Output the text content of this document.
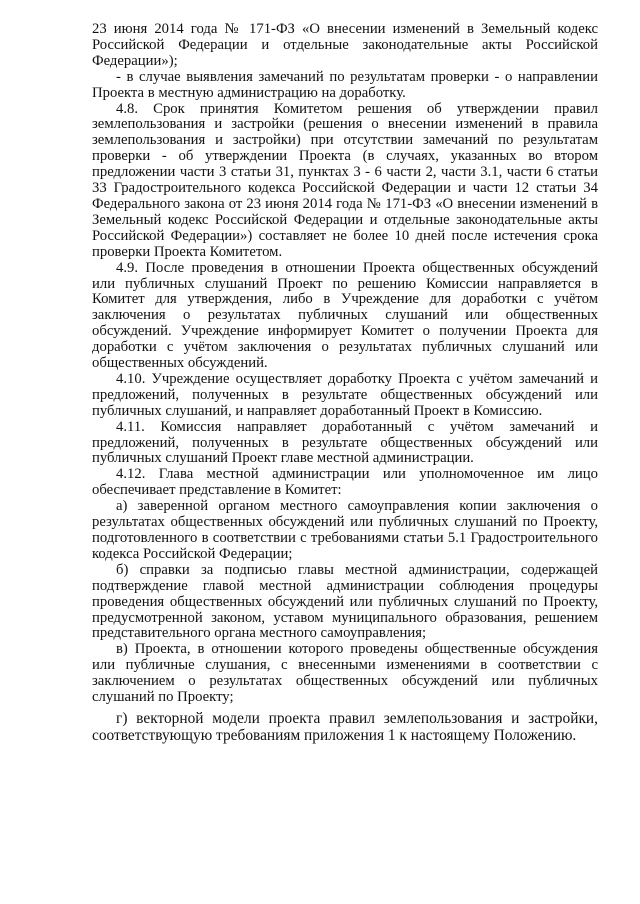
23 июня 2014 года № 171-ФЗ «О внесении изменений в Земельный кодекс Российской Федерации и отдельные законодательные акты Российской Федерации»);

- в случае выявления замечаний по результатам проверки - о направлении Проекта в местную администрацию на доработку.

4.8. Срок принятия Комитетом решения об утверждении правил землепользования и застройки (решения о внесении изменений в правила землепользования и застройки) при отсутствии замечаний по результатам проверки - об утверждении Проекта (в случаях, указанных во втором предложении части 3 статьи 31, пунктах 3 - 6 части 2, части 3.1, части 6 статьи 33 Градостроительного кодекса Российской Федерации и части 12 статьи 34 Федерального закона от 23 июня 2014 года № 171-ФЗ «О внесении изменений в Земельный кодекс Российской Федерации и отдельные законодательные акты Российской Федерации») составляет не более 10 дней после истечения срока проверки Проекта Комитетом.

4.9. После проведения в отношении Проекта общественных обсуждений или публичных слушаний Проект по решению Комиссии направляется в Комитет для утверждения, либо в Учреждение для доработки с учётом заключения о результатах публичных слушаний или общественных обсуждений. Учреждение информирует Комитет о получении Проекта для доработки с учётом заключения о результатах публичных слушаний или общественных обсуждений.

4.10. Учреждение осуществляет доработку Проекта с учётом замечаний и предложений, полученных в результате общественных обсуждений или публичных слушаний, и направляет доработанный Проект в Комиссию.

4.11. Комиссия направляет доработанный с учётом замечаний и предложений, полученных в результате общественных обсуждений или публичных слушаний Проект главе местной администрации.

4.12. Глава местной администрации или уполномоченное им лицо обеспечивает представление в Комитет:

а) заверенной органом местного самоуправления копии заключения о результатах общественных обсуждений или публичных слушаний по Проекту, подготовленного в соответствии с требованиями статьи 5.1 Градостроительного кодекса Российской Федерации;

б) справки за подписью главы местной администрации, содержащей подтверждение главой местной администрации соблюдения процедуры проведения общественных обсуждений или публичных слушаний по Проекту, предусмотренной законом, уставом муниципального образования, решением представительного органа местного самоуправления;

в) Проекта, в отношении которого проведены общественные обсуждения или публичные слушания, с внесенными изменениями в соответствии с заключением о результатах общественных обсуждений или публичных слушаний по Проекту;

г) векторной модели проекта правил землепользования и застройки, соответствующую требованиям приложения 1 к настоящему Положению.
